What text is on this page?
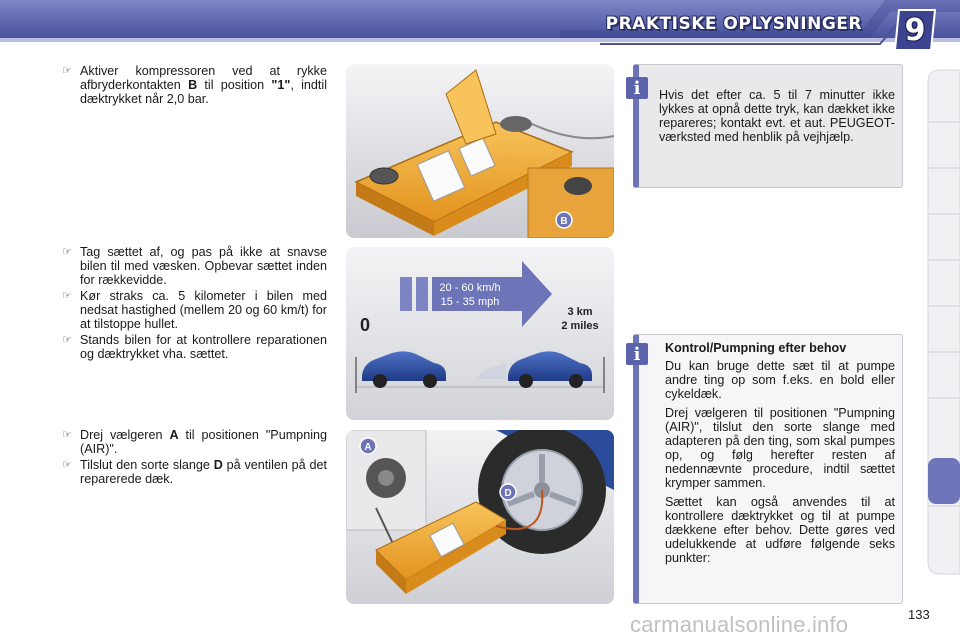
PRAKTISKE OPLYSNINGER	9
☞ Aktiver kompressoren ved at rykke afbryderkontakten B til position "1", indtil dæktrykket når 2,0 bar.
☞ Tag sættet af, og pas på ikke at snavse bilen til med væsken. Opbevar sættet inden for rækkevidde.
☞ Kør straks ca. 5 kilometer i bilen med nedsat hastighed (mellem 20 og 60 km/t) for at tilstoppe hullet.
☞ Stands bilen for at kontrollere reparationen og dæktrykket vha. sættet.
☞ Drej vælgeren A til positionen "Pumpning (AIR)".
☞ Tilslut den sorte slange D på ventilen på det reparerede dæk.
B
20 - 60 km/h
15 - 35 mph
3 km
2 miles
0
A
D

Hvis det efter ca. 5 til 7 minutter ikke lykkes at opnå dette tryk, kan dækket ikke repareres; kontakt evt. et aut. PEUGEOT-værksted med henblik på vejhjælp.

i
Kontrol/Pumpning efter behov

Du kan bruge dette sæt til at pumpe andre ting op som f.eks. en bold eller cykeldæk.

Drej vælgeren til positionen "Pumpning (AIR)", tilslut den sorte slange med adapteren på den ting, som skal pumpes op, og følg herefter resten af nedennævnte procedure, indtil sættet krymper sammen.

Sættet kan også anvendes til at kontrollere dæktrykket og til at pumpe dækkene efter behov. Dette gøres ved udelukkende at udføre følgende seks punkter:

i
carmanualsonline.info	133
